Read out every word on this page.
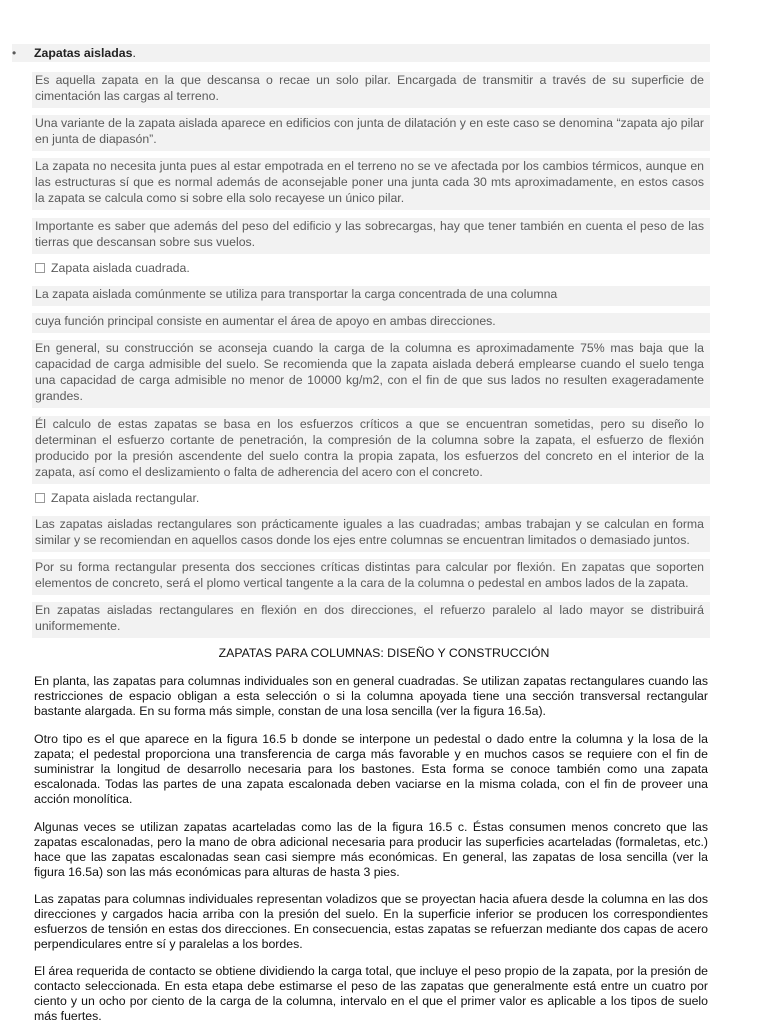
• Zapatas aisladas.
Es aquella zapata en la que descansa o recae un solo pilar. Encargada de transmitir a través de su superficie de cimentación las cargas al terreno.
Una variante de la zapata aislada aparece en edificios con junta de dilatación y en este caso se denomina “zapata ajo pilar en junta de diapasón”.
La zapata no necesita junta pues al estar empotrada en el terreno no se ve afectada por los cambios térmicos, aunque en las estructuras sí que es normal además de aconsejable poner una junta cada 30 mts aproximadamente, en estos casos la zapata se calcula como si sobre ella solo recayese un único pilar.
Importante es saber que además del peso del edificio y las sobrecargas, hay que tener también en cuenta el peso de las tierras que descansan sobre sus vuelos.
Zapata aislada cuadrada.
La zapata aislada comúnmente se utiliza para transportar la carga concentrada de una columna
cuya función principal consiste en aumentar el área de apoyo en ambas direcciones.
En general, su construcción se aconseja cuando la carga de la columna es aproximadamente 75% mas baja que la capacidad de carga admisible del suelo. Se recomienda que la zapata aislada deberá emplearse cuando el suelo tenga una capacidad de carga admisible no menor de 10000 kg/m2, con el fin de que sus lados no resulten exageradamente grandes.
Él calculo de estas zapatas se basa en los esfuerzos críticos a que se encuentran sometidas, pero su diseño lo determinan el esfuerzo cortante de penetración, la compresión de la columna sobre la zapata, el esfuerzo de flexión producido por la presión ascendente del suelo contra la propia zapata, los esfuerzos del concreto en el interior de la zapata, así como el deslizamiento o falta de adherencia del acero con el concreto.
Zapata aislada rectangular.
Las zapatas aisladas rectangulares son prácticamente iguales a las cuadradas; ambas trabajan y se calculan en forma similar y se recomiendan en aquellos casos donde los ejes entre columnas se encuentran limitados o demasiado juntos.
Por su forma rectangular presenta dos secciones críticas distintas para calcular por flexión. En zapatas que soporten elementos de concreto, será el plomo vertical tangente a la cara de la columna o pedestal en ambos lados de la zapata.
En zapatas aisladas rectangulares en flexión en dos direcciones, el refuerzo paralelo al lado mayor se distribuirá uniformemente.
ZAPATAS PARA COLUMNAS: DISEÑO Y CONSTRUCCIÓN
En planta, las zapatas para columnas individuales son en general cuadradas. Se utilizan zapatas rectangulares cuando las restricciones de espacio obligan a esta selección o si la columna apoyada tiene una sección transversal rectangular bastante alargada. En su forma más simple, constan de una losa sencilla (ver la figura 16.5a).
Otro tipo es el que aparece en la figura 16.5 b donde se interpone un pedestal o dado entre la columna y la losa de la zapata; el pedestal proporciona una transferencia de carga más favorable y en muchos casos se requiere con el fin de suministrar la longitud de desarrollo necesaria para los bastones. Esta forma se conoce también como una zapata escalonada. Todas las partes de una zapata escalonada deben vaciarse en la misma colada, con el fin de proveer una acción monolítica.
Algunas veces se utilizan zapatas acarteladas como las de la figura 16.5 c. Éstas consumen menos concreto que las zapatas escalonadas, pero la mano de obra adicional necesaria para producir las superficies acarteladas (formaletas, etc.) hace que las zapatas escalonadas sean casi siempre más económicas. En general, las zapatas de losa sencilla (ver la figura 16.5a) son las más económicas para alturas de hasta 3 pies.
Las zapatas para columnas individuales representan voladizos que se proyectan hacia afuera desde la columna en las dos direcciones y cargados hacia arriba con la presión del suelo. En la superficie inferior se producen los correspondientes esfuerzos de tensión en estas dos direcciones. En consecuencia, estas zapatas se refuerzan mediante dos capas de acero perpendiculares entre sí y paralelas a los bordes.
El área requerida de contacto se obtiene dividiendo la carga total, que incluye el peso propio de la zapata, por la presión de contacto seleccionada. En esta etapa debe estimarse el peso de las zapatas que generalmente está entre un cuatro por ciento y un ocho por ciento de la carga de la columna, intervalo en el que el primer valor es aplicable a los tipos de suelo más fuertes.
